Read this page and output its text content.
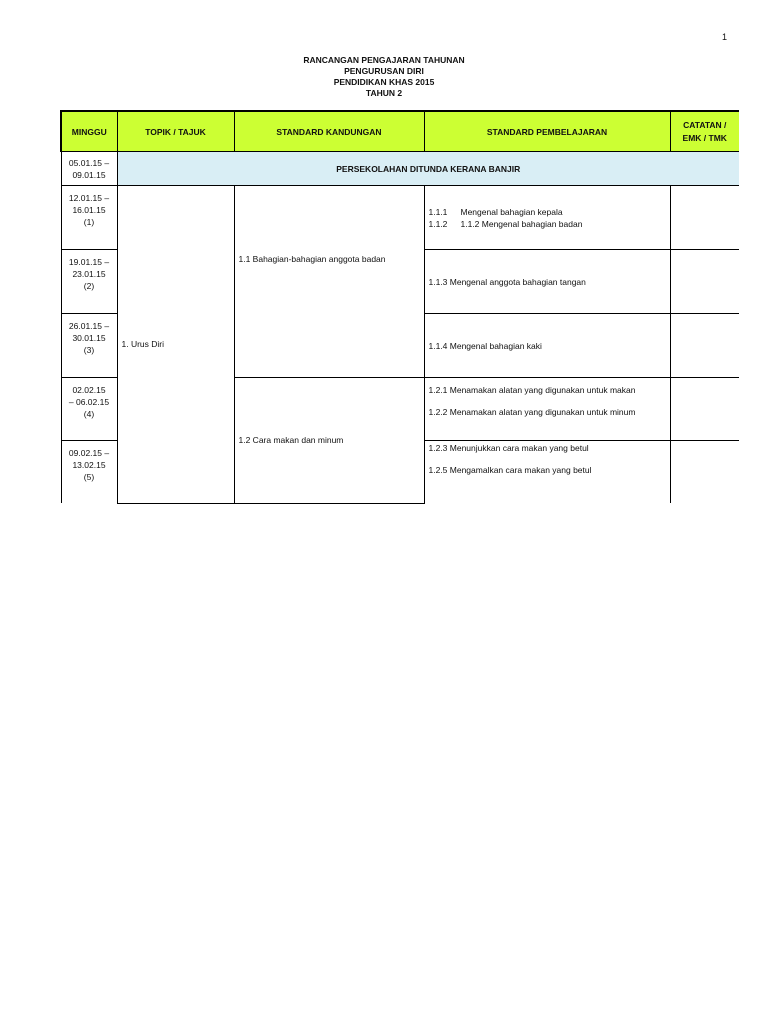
1
RANCANGAN PENGAJARAN TAHUNAN
PENGURUSAN DIRI
PENDIDIKAN KHAS 2015
TAHUN 2
MINGGU	TOPIK / TAJUK	STANDARD KANDUNGAN	STANDARD PEMBELAJARAN	CATATAN /
EMK / TMK

05.01.15 –
09.01.15	PERSEKOLAHAN DITUNDA KERANA BANJIR			

12.01.15 –
16.01.15
(1)	1. Urus Diri	1.1 Bahagian-bahagian anggota badan	1.1.1 Mengenal bahagian kepala
1.1.2 1.1.2 Mengenal bahagian badan	

19.01.15 –
23.01.15
(2)			1.1.3 Mengenal anggota bahagian tangan	

26.01.15 –
30.01.15
(3)			1.1.4 Mengenal bahagian kaki	

02.02.15
– 06.02.15
(4)		1.2 Cara makan dan minum	1.2.1 Menamakan alatan yang digunakan untuk makan
1.2.2 Menamakan alatan yang digunakan untuk minum	

09.02.15 –
13.02.15
(5)			1.2.3 Menunjukkan cara makan yang betul
1.2.5 Mengamalkan cara makan yang betul	
